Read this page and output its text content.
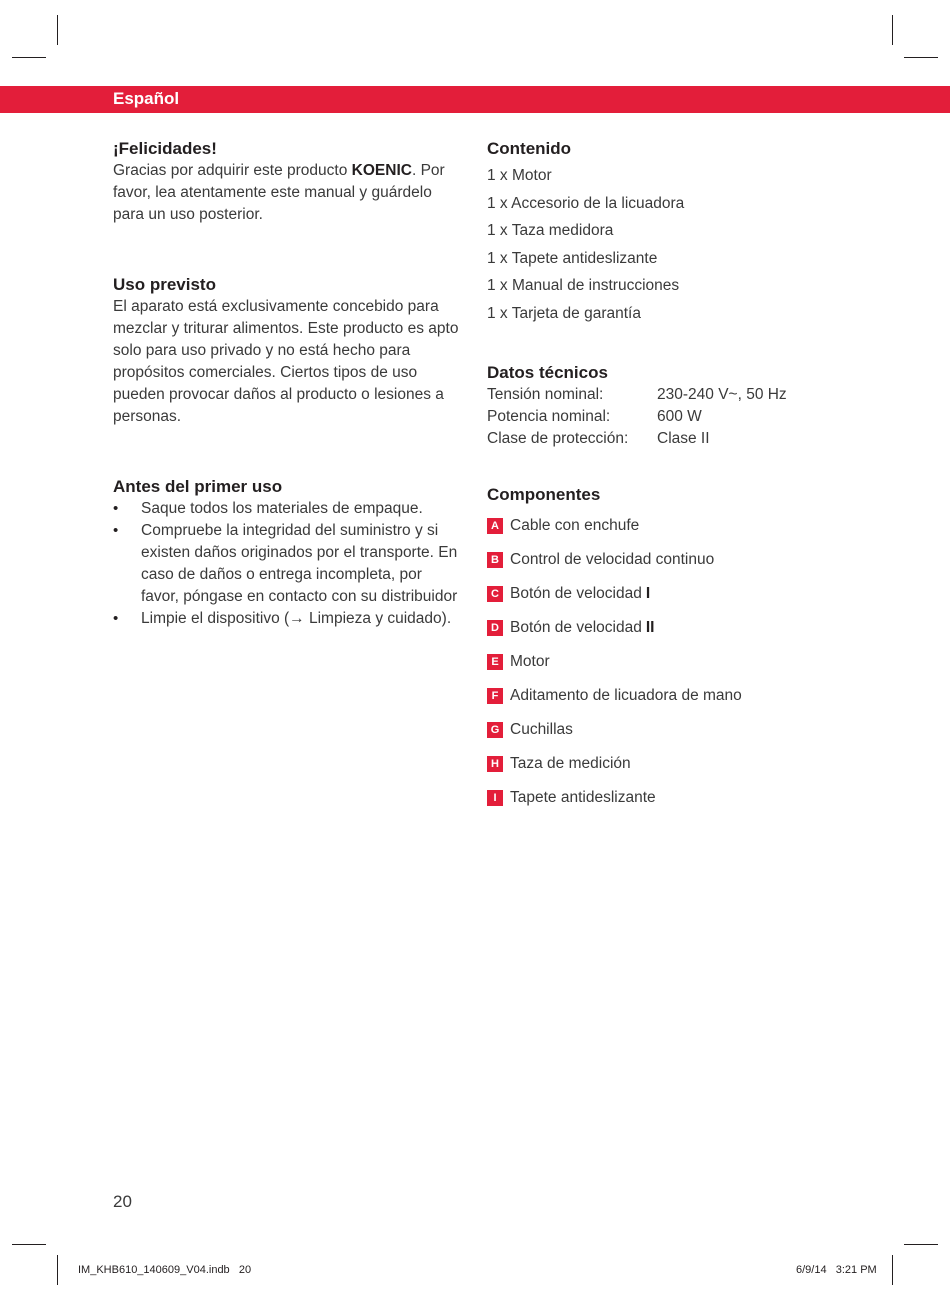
Español
¡Felicidades!

Gracias por adquirir este producto KOENIC. Por favor, lea atentamente este manual y guárdelo para un uso posterior.

Uso previsto

El aparato está exclusivamente concebido para mezclar y triturar alimentos. Este producto es apto solo para uso privado y no está hecho para propósitos comerciales. Ciertos tipos de uso pueden provocar daños al producto o lesiones a personas.

Antes del primer uso
• Saque todos los materiales de empaque.
• Compruebe la integridad del suministro y si existen daños originados por el transporte. En caso de daños o entrega incompleta, por favor, póngase en contacto con su distribuidor
• Limpie el dispositivo (→ Limpieza y cuidado).
Contenido
1 x Motor
1 x Accesorio de la licuadora
1 x Taza medidora
1 x Tapete antideslizante
1 x Manual de instrucciones
1 x Tarjeta de garantía
Datos técnicos
Tensión nominal:	230-240 V~, 50 Hz
Potencia nominal:	600 W
Clase de protección:	Clase II
Componentes
A Cable con enchufe
B Control de velocidad continuo
C Botón de velocidad I
D Botón de velocidad II
E Motor
F Aditamento de licuadora de mano
G Cuchillas
H Taza de medición
I Tapete antideslizante
20
IM_KHB610_140609_V04.indb   20	6/9/14   3:21 PM
